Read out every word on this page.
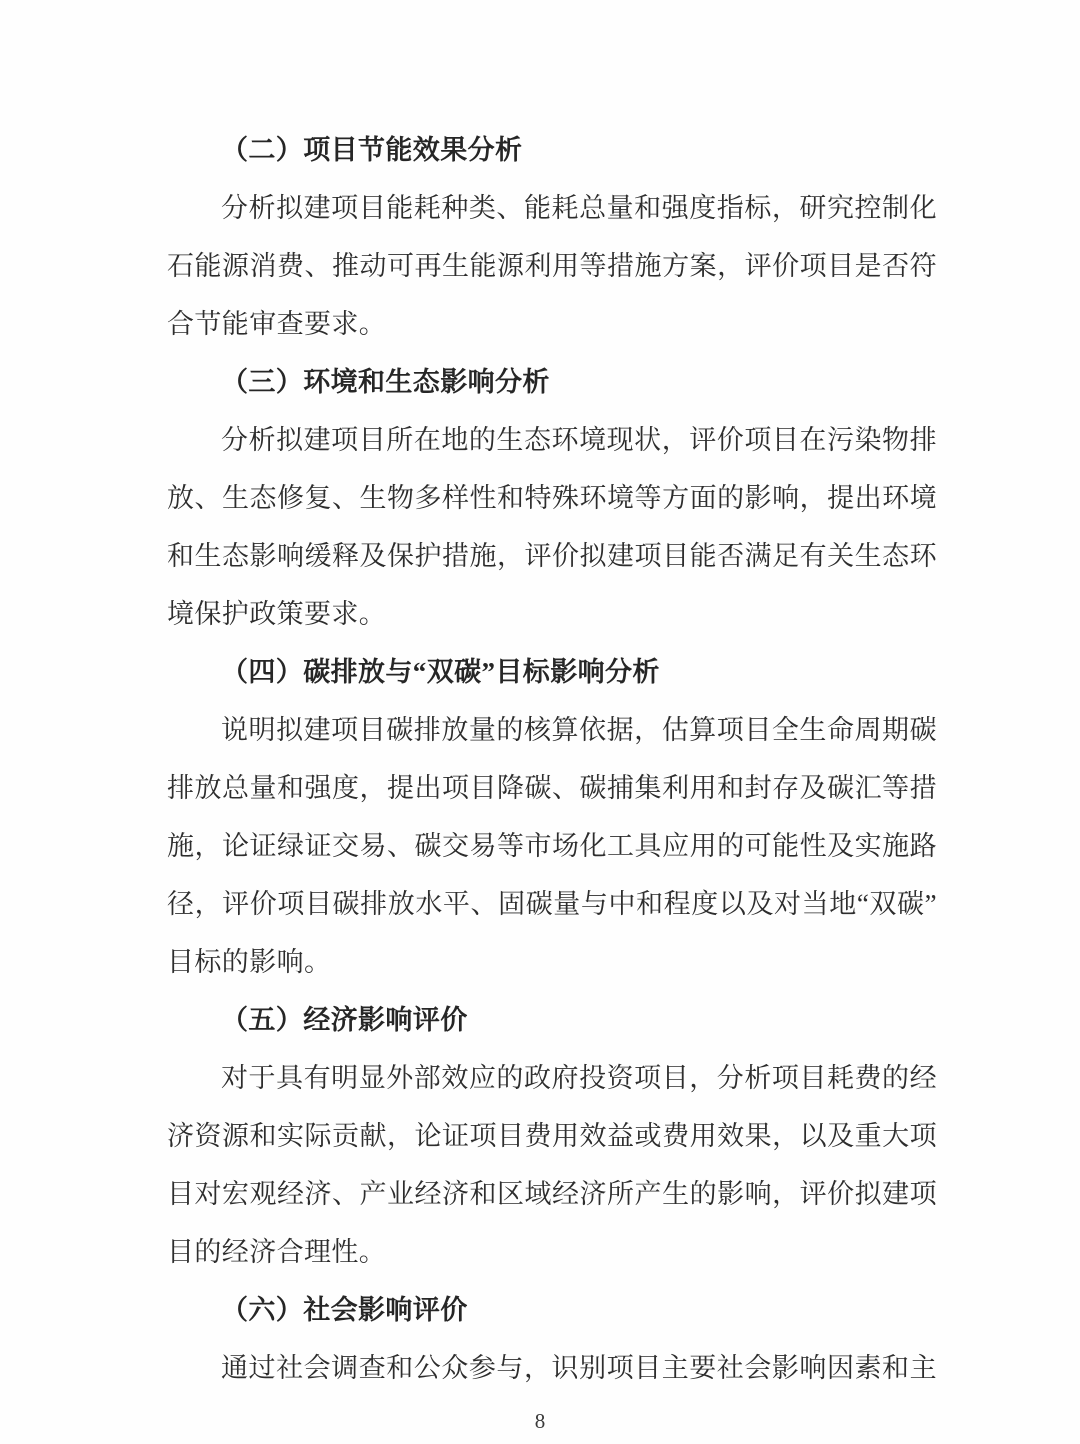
（二）项目节能效果分析
分析拟建项目能耗种类、能耗总量和强度指标，研究控制化
石能源消费、推动可再生能源利用等措施方案，评价项目是否符
合节能审查要求。
（三）环境和生态影响分析
分析拟建项目所在地的生态环境现状，评价项目在污染物排
放、生态修复、生物多样性和特殊环境等方面的影响，提出环境
和生态影响缓释及保护措施，评价拟建项目能否满足有关生态环
境保护政策要求。
（四）碳排放与“双碳”目标影响分析
说明拟建项目碳排放量的核算依据，估算项目全生命周期碳
排放总量和强度，提出项目降碳、碳捕集利用和封存及碳汇等措
施，论证绿证交易、碳交易等市场化工具应用的可能性及实施路
径，评价项目碳排放水平、固碳量与中和程度以及对当地“双碳”
目标的影响。
（五）经济影响评价
对于具有明显外部效应的政府投资项目，分析项目耗费的经
济资源和实际贡献，论证项目费用效益或费用效果，以及重大项
目对宏观经济、产业经济和区域经济所产生的影响，评价拟建项
目的经济合理性。
（六）社会影响评价
通过社会调查和公众参与，识别项目主要社会影响因素和主
8
